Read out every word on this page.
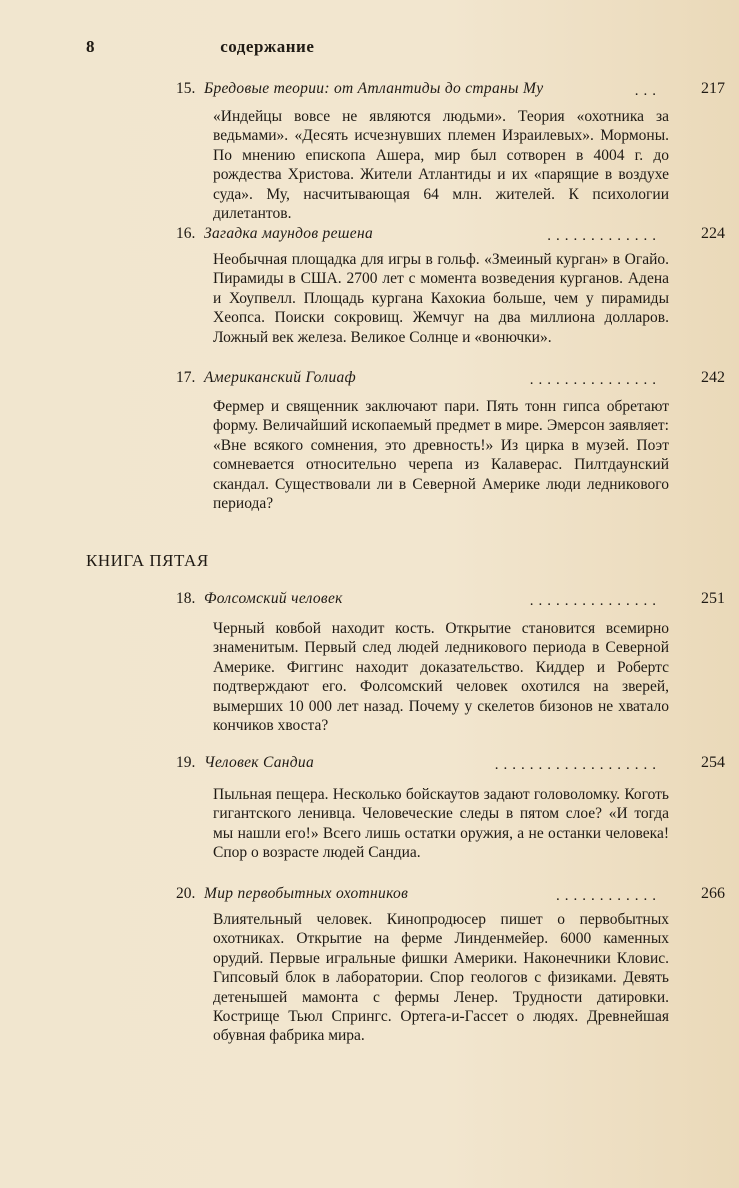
8	содержание
15. Бредовые теории: от Атлантиды до страны Му	...	217

«Индейцы вовсе не являются людьми». Теория «охотника за ведьмами». «Десять исчезнувших племен Израилевых». Мормоны. По мнению епископа Ашера, мир был сотворен в 4004 г. до рождества Христова. Жители Атлантиды и их «парящие в воздухе суда». Му, насчитывающая 64 млн. жителей. К психологии дилетантов.

16. Загадка маундов решена	.............	224

Необычная площадка для игры в гольф. «Змеиный курган» в Огайо. Пирамиды в США. 2700 лет с момента возведения курганов. Адена и Хоупвелл. Площадь кургана Кахокиа больше, чем у пирамиды Хеопса. Поиски сокровищ. Жемчуг на два миллиона долларов. Ложный век железа. Великое Солнце и «вонючки».

17. Американский Голиаф	...............	242

Фермер и священник заключают пари. Пять тонн гипса обретают форму. Величайший ископаемый предмет в мире. Эмерсон заявляет: «Вне всякого сомнения, это древность!» Из цирка в музей. Поэт сомневается относительно черепа из Калаверас. Пилтдаунский скандал. Существовали ли в Северной Америке люди ледникового периода?

КНИГА ПЯТАЯ
18. Фолсомский человек	...............	251

Черный ковбой находит кость. Открытие становится всемирно знаменитым. Первый след людей ледникового периода в Северной Америке. Фиггинс находит доказательство. Киддер и Робертс подтверждают его. Фолсомский человек охотился на зверей, вымерших 10 000 лет назад. Почему у скелетов бизонов не хватало кончиков хвоста?

19. Человек Сандиа	...................	254

Пыльная пещера. Несколько бойскаутов задают головоломку. Коготь гигантского ленивца. Человеческие следы в пятом слое? «И тогда мы нашли его!» Всего лишь остатки оружия, а не останки человека! Спор о возрасте людей Сандиа.

20. Мир первобытных охотников	............	266

Влиятельный человек. Кинопродюсер пишет о первобытных охотниках. Открытие на ферме Линденмейер. 6000 каменных орудий. Первые игральные фишки Америки. Наконечники Кловис. Гипсовый блок в лаборатории. Спор геологов с физиками. Девять детенышей мамонта с фермы Ленер. Трудности датировки. Кострище Тьюл Спрингс. Ортега-и-Гассет о людях. Древнейшая обувная фабрика мира.
